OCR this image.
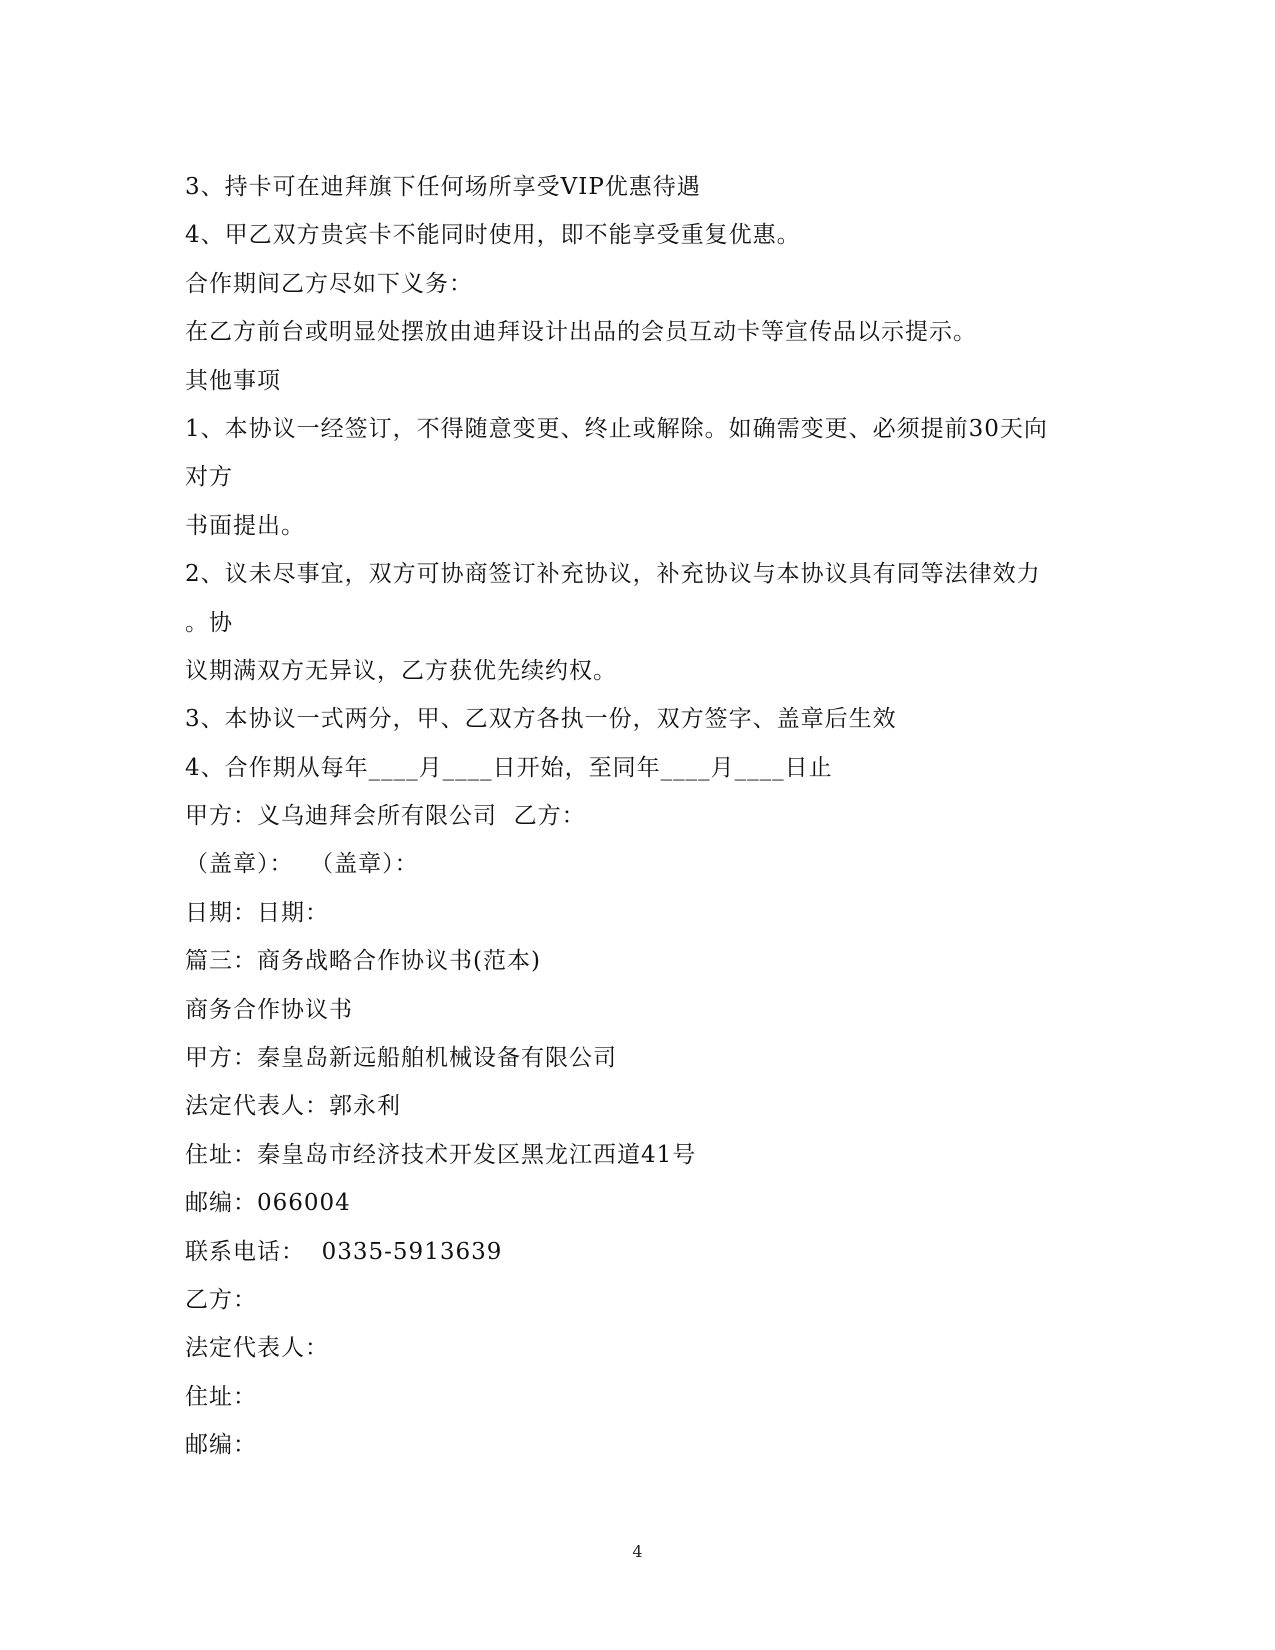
3、持卡可在迪拜旗下任何场所享受VIP优惠待遇
4、甲乙双方贵宾卡不能同时使用，即不能享受重复优惠。
合作期间乙方尽如下义务：
在乙方前台或明显处摆放由迪拜设计出品的会员互动卡等宣传品以示提示。
其他事项
1、本协议一经签订，不得随意变更、终止或解除。如确需变更、必须提前30天向
对方
书面提出。
2、议未尽事宜，双方可协商签订补充协议，补充协议与本协议具有同等法律效力
。协
议期满双方无异议，乙方获优先续约权。
3、本协议一式两分，甲、乙双方各执一份，双方签字、盖章后生效
4、合作期从每年____月____日开始，至同年____月____日止
甲方：义乌迪拜会所有限公司  乙方：
（盖章）：  （盖章）：
日期：日期：
篇三：商务战略合作协议书(范本)
商务合作协议书
甲方：秦皇岛新远船舶机械设备有限公司
法定代表人：郭永利
住址：秦皇岛市经济技术开发区黑龙江西道41号
邮编：066004
联系电话：  0335-5913639
乙方：
法定代表人：
住址：
邮编：
4
